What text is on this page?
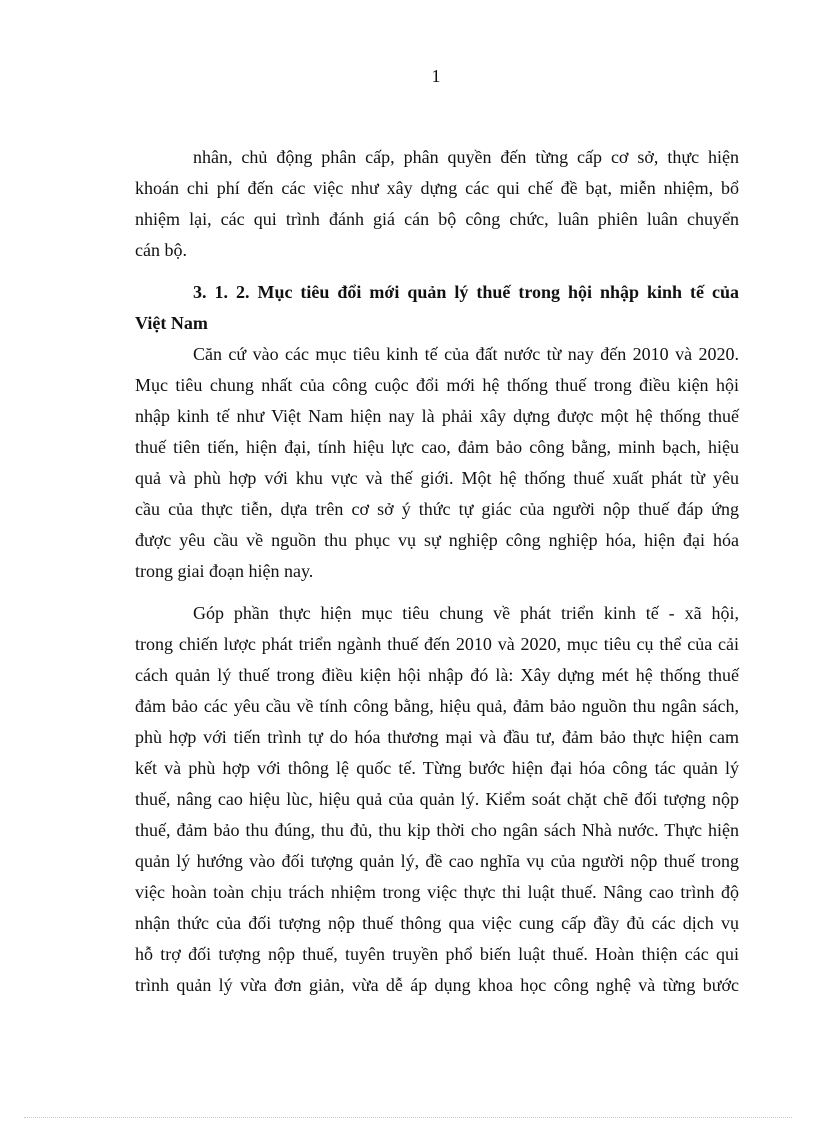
1
nhân, chủ động phân cấp, phân quyền đến từng cấp cơ sở, thực hiện
khoán chi phí đến các việc như xây dựng các qui chế đề bạt, miễn nhiệm, bổ
nhiệm lại, các qui trình đánh giá cán bộ công chức, luân phiên luân chuyển
cán bộ.
3. 1. 2. Mục tiêu đổi mới quản lý thuế trong hội nhập kinh tế của
Việt Nam
Căn cứ vào các mục tiêu kinh tế của đất nước từ nay đến 2010 và 2020.
Mục tiêu chung nhất của công cuộc đổi mới hệ thống thuế trong điều kiện hội
nhập kinh tế như Việt Nam hiện nay là phải xây dựng được một hệ thống thuế
thuế tiên tiến, hiện đại, tính hiệu lực cao, đảm bảo công bằng, minh bạch, hiệu
quả và phù hợp với khu vực và thế giới. Một hệ thống thuế xuất phát từ yêu
cầu của thực tiễn, dựa trên cơ sở ý thức tự giác của người nộp thuế đáp ứng
được yêu cầu về nguồn thu phục vụ sự nghiệp công nghiệp hóa, hiện đại hóa
trong giai đoạn hiện nay.
Góp phần thực hiện mục tiêu chung về phát triển kinh tế - xã hội,
trong chiến lược phát triển ngành thuế đến 2010 và 2020, mục tiêu cụ thể của cải
cách quản lý thuế trong điều kiện hội nhập đó là: Xây dựng mét hệ thống thuế
đảm bảo các yêu cầu về tính công bằng, hiệu quả, đảm bảo nguồn thu ngân sách,
phù hợp với tiến trình tự do hóa thương mại và đầu tư, đảm bảo thực hiện cam
kết và phù hợp với thông lệ quốc tế. Từng bước hiện đại hóa công tác quản lý
thuế, nâng cao hiệu lùc, hiệu quả của quản lý. Kiểm soát chặt chẽ đối tượng nộp
thuế, đảm bảo thu đúng, thu đủ, thu kịp thời cho ngân sách Nhà nước. Thực hiện
quản lý hướng vào đối tượng quản lý, đề cao nghĩa vụ của người nộp thuế trong
việc hoàn toàn chịu trách nhiệm trong việc thực thi luật thuế. Nâng cao trình độ
nhận thức của đối tượng nộp thuế thông qua việc cung cấp đầy đủ các dịch vụ
hỗ trợ đối tượng nộp thuế, tuyên truyền phổ biến luật thuế. Hoàn thiện các qui
trình quản lý vừa đơn giản, vừa dễ áp dụng khoa học công nghệ và từng bước
